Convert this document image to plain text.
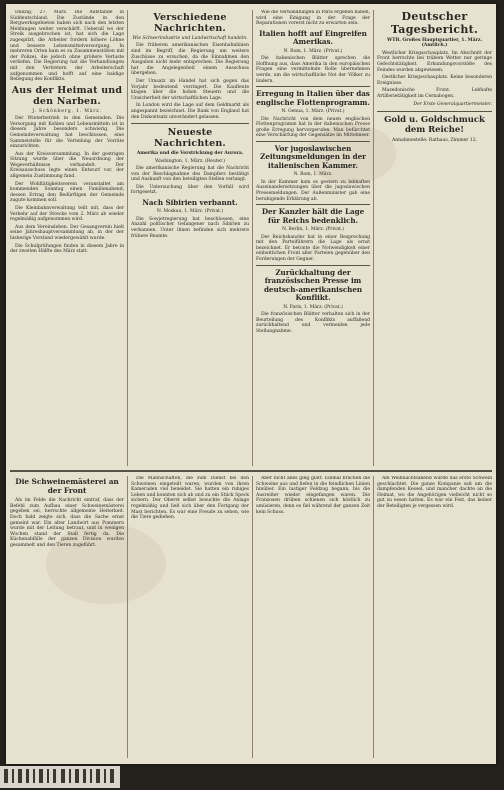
Danzig, 27. März. Die Aufstände in Süddeutschland. Die Zustände in den Bergwerksgebieten haben sich nach den letzten Meldungen weiter verschärft. Ueberall wo der Streik ausgebrochen ist, hat sich die Lage zugespitzt, die Arbeiter fordern höhere Löhne und bessere Lebensmittelversorgung. In mehreren Orten kam es zu Zusammenstößen mit der Polizei, die jedoch ohne größere Verluste verliefen. Die Regierung hat die Verhandlungen mit den Vertretern der Arbeiterschaft aufgenommen und hofft auf eine baldige Beilegung des Konflikts.

Aus der Heimat und den Narben.
J. Schönberg, 1. März.

Der Winterbetrieb in den Gemeinden. Die Versorgung mit Kohlen und Lebensmitteln ist in diesem Jahre besonders schwierig. Die Gemeindeverwaltung hat beschlossen, eine Sammelstelle für die Verteilung der Vorräte einzurichten.

Aus der Kreisversammlung. In der gestrigen Sitzung wurde über die Neuordnung der Wegeverhältnisse verhandelt. Der Kreisausschuss legte einen Entwurf vor, der allgemein Zustimmung fand.

Der Wohltätigkeitsverein veranstaltet am kommenden Sonntag einen Familienabend, dessen Ertrag den Bedürftigen der Gemeinde zugute kommen soll.

Die Kleinbahnverwaltung teilt mit, dass der Verkehr auf der Strecke vom 2. März ab wieder regelmäßig aufgenommen wird.

Aus dem Vereinsleben. Der Gesangverein hielt seine Jahreshauptversammlung ab, in der der bisherige Vorstand wiedergewählt wurde.

Die Schulprüfungen finden in diesem Jahre in der zweiten Hälfte des März statt.

Verschiedene Nachrichten.
Wie Schwerindustrie und Landwirtschaft handeln.

Die früheren amerikanischen Eisenbahnlinien sind im Begriff, die Regierung um weitere Zuschüsse zu ersuchen, da die Einnahmen den Ausgaben nicht mehr entsprechen. Die Regierung hat die Angelegenheit einem Ausschuss übergeben.

Der Umsatz im Handel hat sich gegen das Vorjahr bedeutend verringert. Die Kaufleute klagen über die hohen Steuern und die Unsicherheit der wirtschaftlichen Lage.

In London wird die Lage auf dem Geldmarkt als angespannt bezeichnet. Die Bank von England hat den Diskontsatz unverändert gelassen.

Neueste Nachrichten.
Amerika und die Verstrickung der Aurora.
Washington, 1. März. (Reuter.)

Die amerikanische Regierung hat die Nachricht von der Beschlagnahme des Dampfers bestätigt und Auskunft von den beteiligten Stellen verlangt.

Die Untersuchung über den Vorfall wird fortgesetzt.

Nach Sibirien verbannt.
N. Moskau, 1. März. (Privat.)

Die Sowjetregierung hat beschlossen, eine Anzahl politischer Gefangener nach Sibirien zu verbannen. Unter ihnen befinden sich mehrere frühere Beamte.

Wie die Verhandlungen in Paris ergeben haben, wird eine Einigung in der Frage der Reparationen vorerst nicht zu erwarten sein.

Italien hofft auf Eingreifen Amerikas.
N. Rom, 1. März. (Privat.)

Die italienischen Blätter sprechen die Hoffnung aus, dass Amerika in den europäischen Fragen eine vermittelnde Rolle übernehmen werde, um die wirtschaftliche Not der Völker zu lindern.

Erregung in Italien über das englische Flottenprogramm.
N. Genua, 1. März. (Privat.)

Die Nachricht von dem neuen englischen Flottenprogramm hat in der italienischen Presse große Erregung hervorgerufen. Man befürchtet eine Verschärfung der Gegensätze im Mittelmeer.

Vor jugoslawischen Zeitungsmeldungen in der italienischen Kammer.
N. Rom, 1. März.

In der Kammer kam es gestern zu lebhaften Auseinandersetzungen über die jugoslawischen Pressemeldungen. Der Außenminister gab eine beruhigende Erklärung ab.

Der Kanzler hält die Lage für Reichs bedenklich.
N. Berlin, 1. März. (Privat.)

Der Reichskanzler hat in einer Besprechung mit den Parteiführern die Lage als ernst bezeichnet. Er betonte die Notwendigkeit einer einheitlichen Front aller Parteien gegenüber den Forderungen der Gegner.

Zurückhaltung der französischen Presse im deutsch-amerikanischen Konflikt.
N. Paris, 1. März. (Privat.)

Die französischen Blätter verhalten sich in der Beurteilung des Konflikts auffallend zurückhaltend und vermeiden jede Stellungnahme.

Deutscher Tagesbericht.
WTB. Großes Hauptquartier, 1. März. (Amtlich.)

Westlicher Kriegsschauplatz. Im Abschnitt der Front herrschte bei trübem Wetter nur geringe Gefechtstätigkeit. Erkundungsvorstöße des Feindes wurden abgewiesen.

Oestlicher Kriegsschauplatz. Keine besonderen Ereignisse.

Mazedonische Front. Lebhafte Artillerietätigkeit im Cernabogen.

Der Erste Generalquartiermeister.

Gold u. Goldschmuck dem Reiche!
Annahmestelle: Rathaus, Zimmer 12.
Die Schweinemästerei an der Front

Als im Felde die Nachricht eintraf, dass der Befehl zum Aufbau einer Schweinemästerei gegeben sei, herrschte allgemeine Heiterkeit. Doch bald zeigte sich, dass die Sache ernst gemeint war. Ein alter Landwirt aus Pommern wurde mit der Leitung betraut, und in wenigen Wochen stand der Stall fertig da. Die Küchenabfälle der ganzen Division wurden gesammelt und den Tieren zugeführt.

Die Mannschaften, die zum Dienst bei den Schweinen eingeteilt waren, wurden von ihren Kameraden viel beneidet. Sie hatten ein ruhiges Leben und konnten sich ab und zu ein Stück Speck sichern. Der Oberst selbst besuchte die Anlage regelmäßig und ließ sich über den Fortgang der Mast berichten. Es war eine Freude zu sehen, wie die Tiere gediehen.

Aber nicht alles ging glatt. Einmal brachen die Schweine aus und liefen in die feindlichen Linien hinüber. Ein lustiger Feldzug begann, bis die Ausreißer wieder eingefangen waren. Die Franzosen drüben schienen sich köstlich zu amüsieren, denn es fiel während der ganzen Zeit kein Schuss.

Am Weihnachtsabend wurde das erste Schwein geschlachtet. Die ganze Kompanie saß um die dampfenden Kessel, und mancher dachte an die Heimat, wo die Angehörigen vielleicht nicht so gut zu essen hatten. Es war ein Fest, das keiner der Beteiligten je vergessen wird.
